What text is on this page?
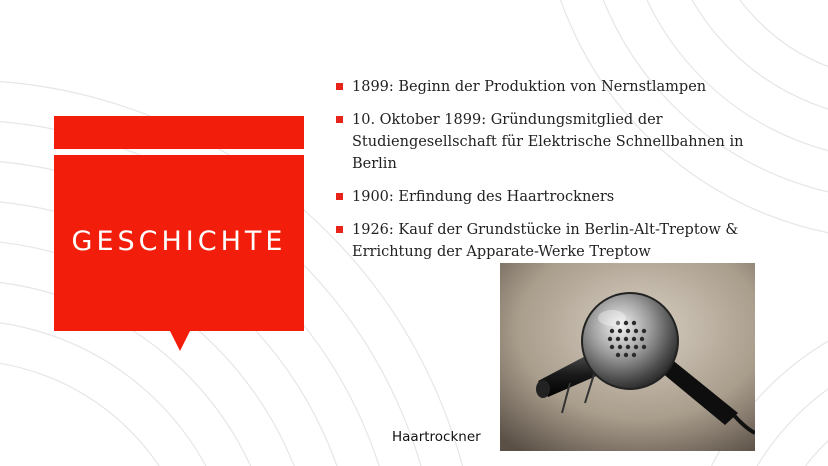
GESCHICHTE
1899: Beginn der Produktion von Nernstlampen
10. Oktober 1899: Gründungsmitglied der Studiengesellschaft für Elektrische Schnellbahnen in Berlin
1900: Erfindung des Haartrockners
1926: Kauf der Grundstücke in Berlin-Alt-Treptow & Errichtung der Apparate-Werke Treptow
Haartrockner
